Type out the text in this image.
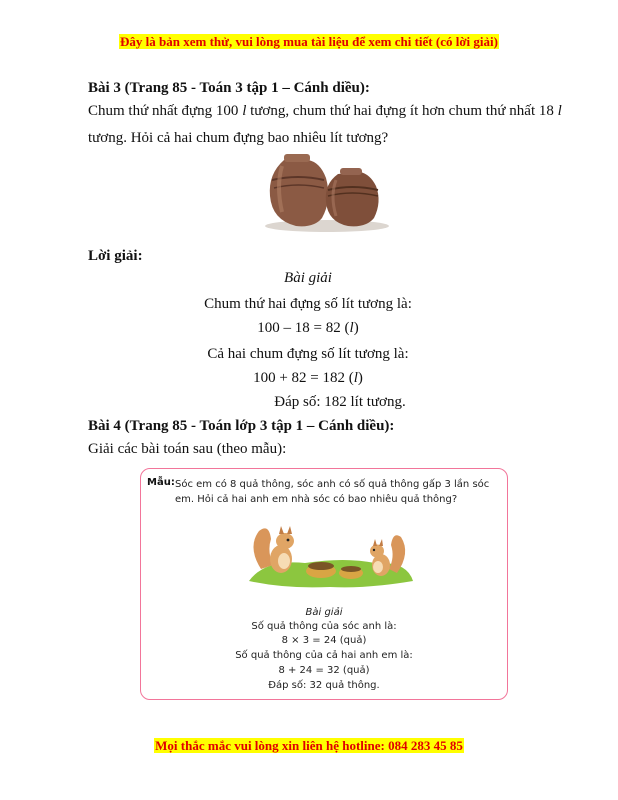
Đây là bản xem thử, vui lòng mua tài liệu để xem chi tiết (có lời giải)
Bài 3 (Trang 85 - Toán 3 tập 1 – Cánh diều):
Chum thứ nhất đựng 100 l tương, chum thứ hai đựng ít hơn chum thứ nhất 18 l
tương. Hỏi cả hai chum đựng bao nhiêu lít tương?
Lời giải:
Bài giải
Chum thứ hai đựng số lít tương là:
100 – 18 = 82 (l)
Cả hai chum đựng số lít tương là:
100 + 82 = 182 (l)
Đáp số: 182 lít tương.
Bài 4 (Trang 85 - Toán lớp 3 tập 1 – Cánh diều):
Giải các bài toán sau (theo mẫu):
Mẫu: Sóc em có 8 quả thông, sóc anh có số quả thông gấp 3 lần sóc em. Hỏi cả hai anh em nhà sóc có bao nhiêu quả thông?
Bài giải
Số quả thông của sóc anh là:
8 × 3 = 24 (quả)
Số quả thông của cả hai anh em là:
8 + 24 = 32 (quả)
Đáp số: 32 quả thông.
Mọi thắc mắc vui lòng xin liên hệ hotline: 084 283 45 85
